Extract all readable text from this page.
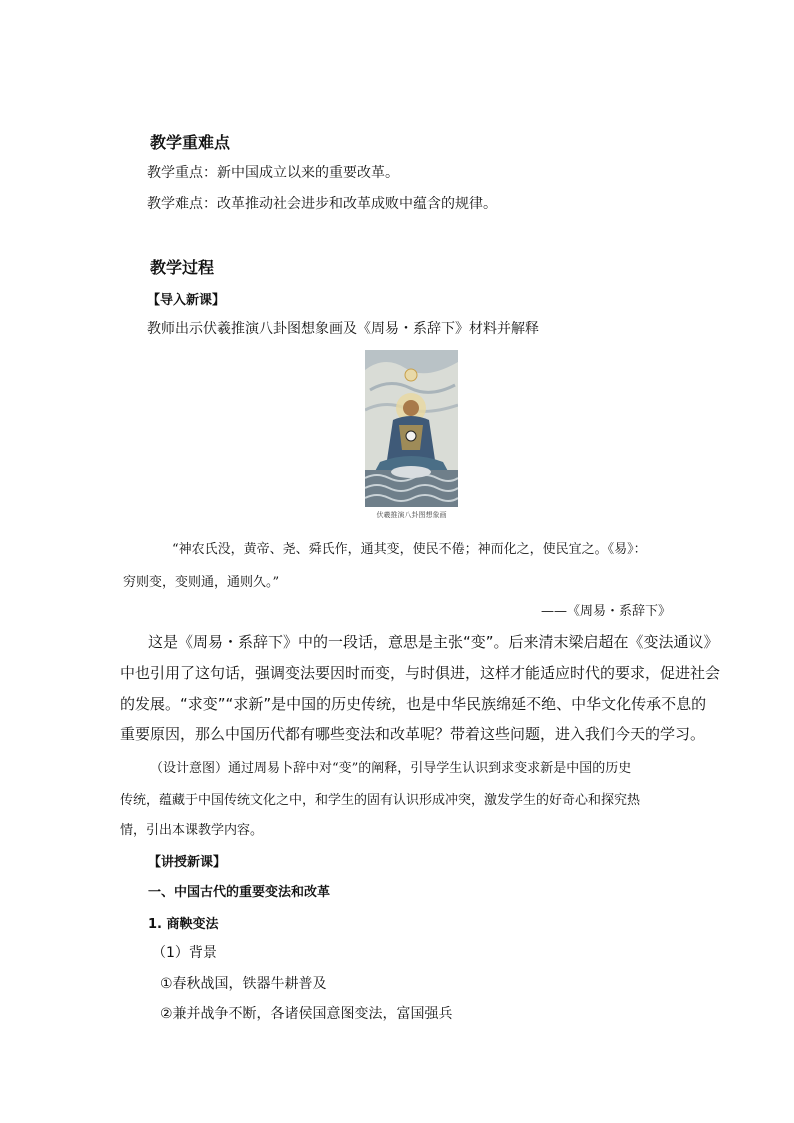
教学重难点
教学重点：新中国成立以来的重要改革。
教学难点：改革推动社会进步和改革成败中蕴含的规律。
教学过程
【导入新课】
教师出示伏羲推演八卦图想象画及《周易・系辞下》材料并解释
伏羲推演八卦图想象画
“神农氏没，黄帝、尧、舜氏作，通其变，使民不倦；神而化之，使民宜之。《易》：
穷则变，变则通，通则久。”
——《周易・系辞下》
这是《周易・系辞下》中的一段话，意思是主张“变”。后来清末梁启超在《变法通议》
中也引用了这句话，强调变法要因时而变，与时俱进，这样才能适应时代的要求，促进社会
的发展。“求变”“求新”是中国的历史传统，也是中华民族绵延不绝、中华文化传承不息的
重要原因，那么中国历代都有哪些变法和改革呢？带着这些问题，进入我们今天的学习。
（设计意图）通过周易卜辞中对“变”的阐释，引导学生认识到求变求新是中国的历史
传统，蕴藏于中国传统文化之中，和学生的固有认识形成冲突，激发学生的好奇心和探究热
情，引出本课教学内容。
【讲授新课】
一、中国古代的重要变法和改革
1. 商鞅变法
（1）背景
①春秋战国，铁器牛耕普及
②兼并战争不断，各诸侯国意图变法，富国强兵
